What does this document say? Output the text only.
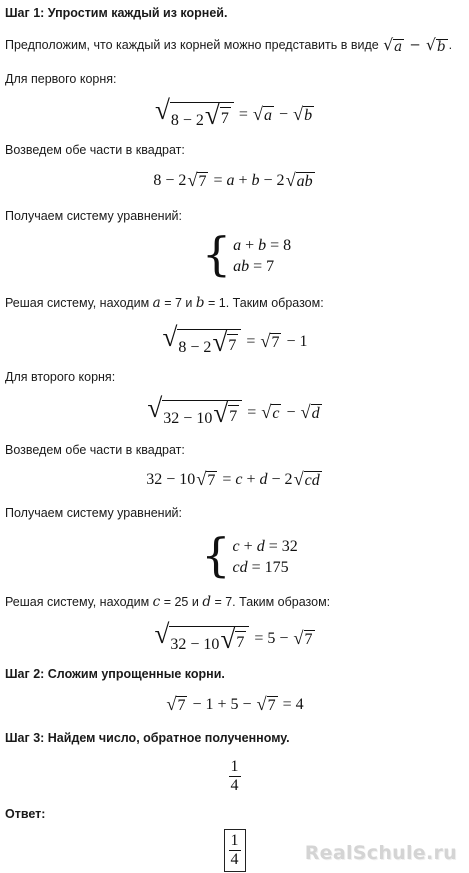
Шаг 1: Упростим каждый из корней.
Предположим, что каждый из корней можно представить в виде √ a − √ b .
Для первого корня:
√ 8 − 2 √ 7 = √ a − √ b
Возведем обе части в квадрат:
8 − 2 √ 7 = a + b − 2 √ ab
Получаем систему уравнений:
{ a + b = 8
ab = 7
Решая систему, находим a = 7 и b = 1. Таким образом:
√ 8 − 2 √ 7 = √ 7 − 1
Для второго корня:
√ 32 − 10 √ 7 = √ c − √ d
Возведем обе части в квадрат:
32 − 10 √ 7 = c + d − 2 √ cd
Получаем систему уравнений:
{ c + d = 32
cd = 175
Решая систему, находим c = 25 и d = 7. Таким образом:
√ 32 − 10 √ 7 = 5 − √ 7
Шаг 2: Сложим упрощенные корни.
√ 7 − 1 + 5 − √ 7 = 4
Шаг 3: Найдем число, обратное полученному.
$\frac{1}{4}$
Ответ:
$\frac{1}{4}$	RealSchule.ru
